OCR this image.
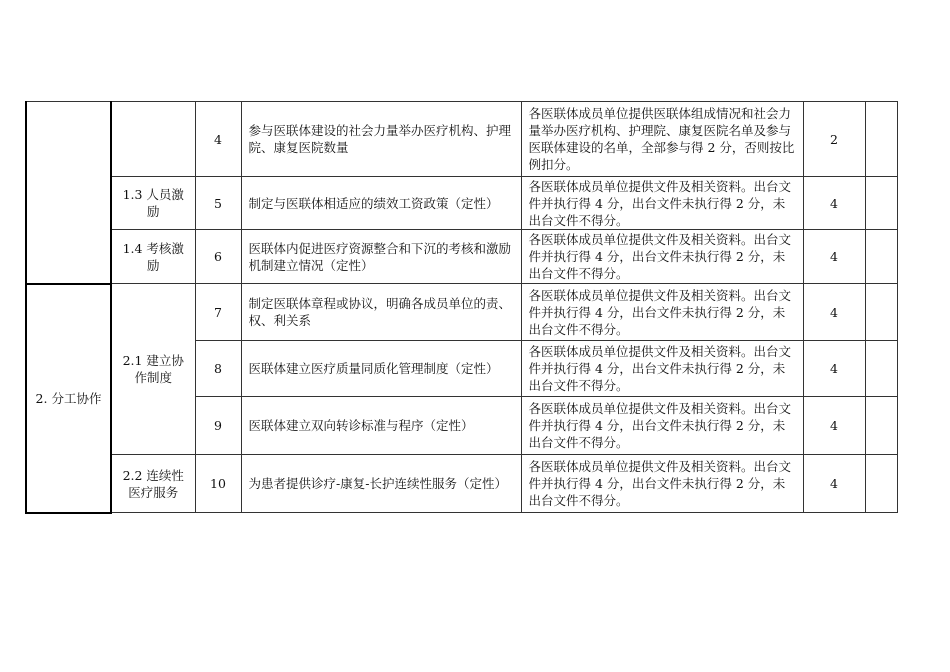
		4	参与医联体建设的社会力量举办医疗机构、护理院、康复医院数量	各医联体成员单位提供医联体组成情况和社会力量举办医疗机构、护理院、康复医院名单及参与医联体建设的名单，全部参与得 2 分，否则按比例扣分。	2	
	1.3 人员激励	5	制定与医联体相适应的绩效工资政策（定性）	各医联体成员单位提供文件及相关资料。出台文件并执行得 4 分，出台文件未执行得 2 分，未出台文件不得分。	4	
	1.4 考核激励	6	医联体内促进医疗资源整合和下沉的考核和激励机制建立情况（定性）	各医联体成员单位提供文件及相关资料。出台文件并执行得 4 分，出台文件未执行得 2 分，未出台文件不得分。	4	
2. 分工协作	2.1 建立协作制度	7	制定医联体章程或协议，明确各成员单位的责、权、利关系	各医联体成员单位提供文件及相关资料。出台文件并执行得 4 分，出台文件未执行得 2 分，未出台文件不得分。	4	
		8	医联体建立医疗质量同质化管理制度（定性）	各医联体成员单位提供文件及相关资料。出台文件并执行得 4 分，出台文件未执行得 2 分，未出台文件不得分。	4	
		9	医联体建立双向转诊标准与程序（定性）	各医联体成员单位提供文件及相关资料。出台文件并执行得 4 分，出台文件未执行得 2 分，未出台文件不得分。	4	
	2.2 连续性医疗服务	10	为患者提供诊疗-康复-长护连续性服务（定性）	各医联体成员单位提供文件及相关资料。出台文件并执行得 4 分，出台文件未执行得 2 分，未出台文件不得分。	4	
